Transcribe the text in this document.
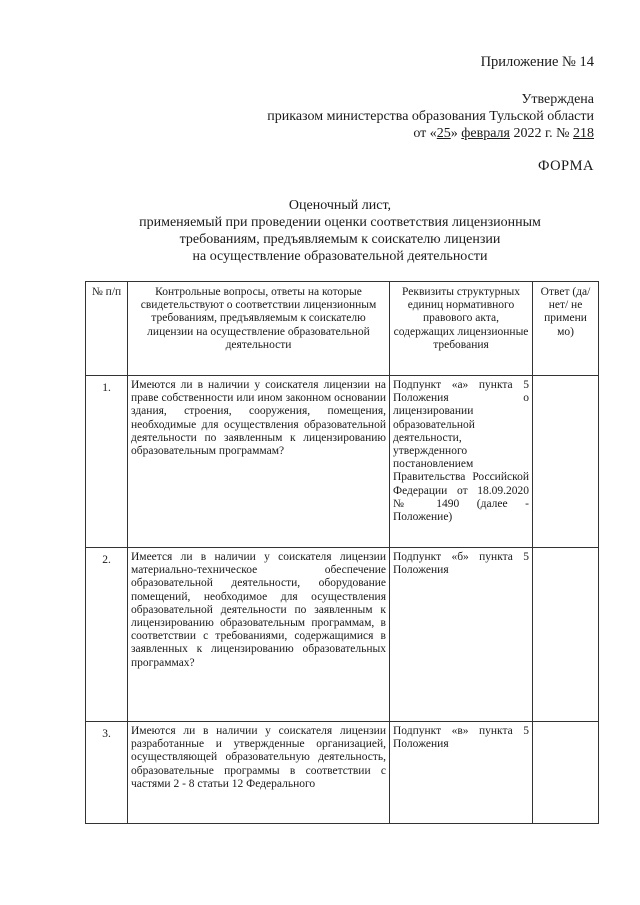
Приложение № 14
Утверждена
приказом министерства образования Тульской области
от «25» февраля 2022 г. № 218
ФОРМА
Оценочный лист,
применяемый при проведении оценки соответствия лицензионным
требованиям, предъявляемым к соискателю лицензии
на осуществление образовательной деятельности
№ п/п	Контрольные вопросы, ответы на которые свидетельствуют о соответствии лицензионным требованиям, предъявляемым к соискателю лицензии на осуществление образовательной деятельности	Реквизиты структурных единиц нормативного правового акта, содержащих лицензионные требования	Ответ (да/нет/ не примени мо)
1.	Имеются ли в наличии у соискателя лицензии на праве собственности или ином законном основании здания, строения, сооружения, помещения, необходимые для осуществления образовательной деятельности по заявленным к лицензированию образовательным программам?	Подпункт «а» пункта 5 Положения о лицензировании образовательной деятельности, утвержденного постановлением Правительства Российской Федерации от 18.09.2020 № 1490 (далее - Положение)	
2.	Имеется ли в наличии у соискателя лицензии материально-техническое обеспечение образовательной деятельности, оборудование помещений, необходимое для осуществления образовательной деятельности по заявленным к лицензированию образовательным программам, в соответствии с требованиями, содержащимися в заявленных к лицензированию образовательных программах?	Подпункт «б» пункта 5 Положения	
3.	Имеются ли в наличии у соискателя лицензии разработанные и утвержденные организацией, осуществляющей образовательную деятельность, образовательные программы в соответствии с частями 2 - 8 статьи 12 Федерального	Подпункт «в» пункта 5 Положения	
